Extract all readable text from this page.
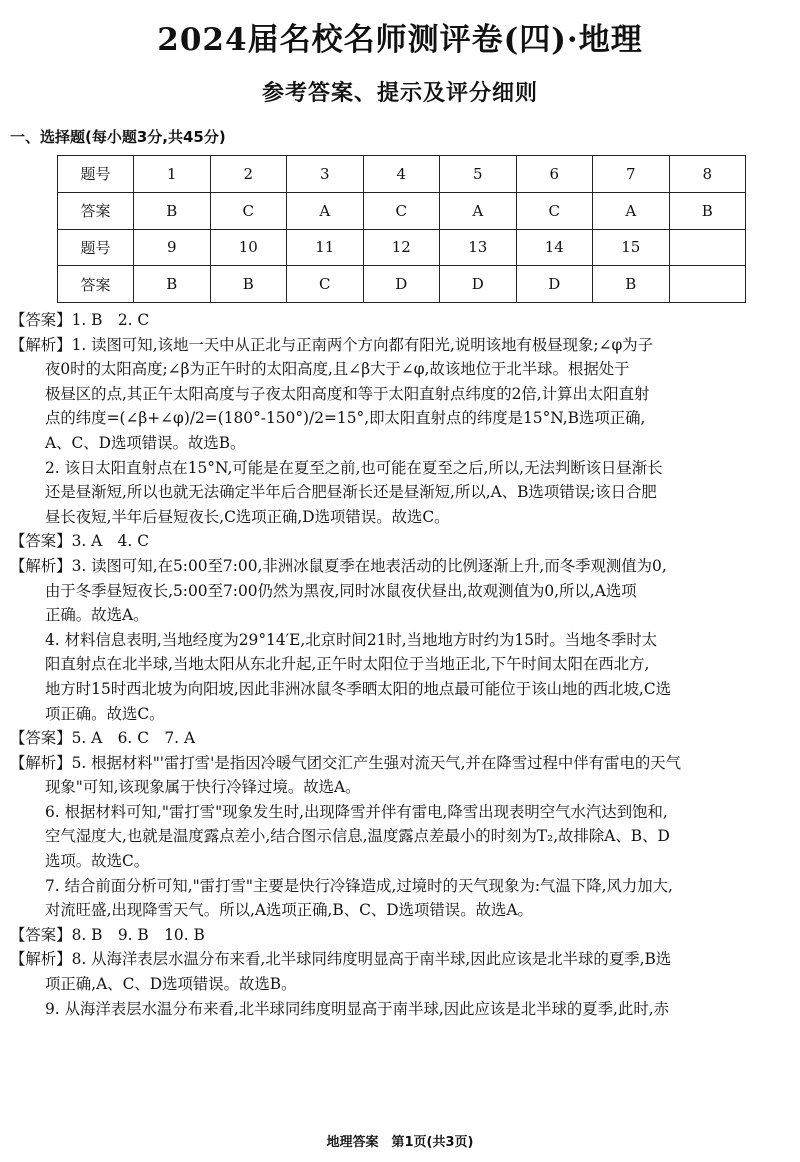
2024届名校名师测评卷(四)·地理
参考答案、提示及评分细则
一、选择题(每小题3分,共45分)
题号	1	2	3	4	5	6	7	8
答案	B	C	A	C	A	C	A	B
题号	9	10	11	12	13	14	15	
答案	B	B	C	D	D	D	B	
【答案】1. B　2. C
【解析】1. 读图可知,该地一天中从正北与正南两个方向都有阳光,说明该地有极昼现象;∠φ为子
夜0时的太阳高度;∠β为正午时的太阳高度,且∠β大于∠φ,故该地位于北半球。根据处于
极昼区的点,其正午太阳高度与子夜太阳高度和等于太阳直射点纬度的2倍,计算出太阳直射
点的纬度=(∠β+∠φ)/2=(180°-150°)/2=15°,即太阳直射点的纬度是15°N,B选项正确,
A、C、D选项错误。故选B。
2. 该日太阳直射点在15°N,可能是在夏至之前,也可能在夏至之后,所以,无法判断该日昼渐长
还是昼渐短,所以也就无法确定半年后合肥昼渐长还是昼渐短,所以,A、B选项错误;该日合肥
昼长夜短,半年后昼短夜长,C选项正确,D选项错误。故选C。
【答案】3. A　4. C
【解析】3. 读图可知,在5:00至7:00,非洲冰鼠夏季在地表活动的比例逐渐上升,而冬季观测值为0,
由于冬季昼短夜长,5:00至7:00仍然为黑夜,同时冰鼠夜伏昼出,故观测值为0,所以,A选项
正确。故选A。
4. 材料信息表明,当地经度为29°14′E,北京时间21时,当地地方时约为15时。当地冬季时太
阳直射点在北半球,当地太阳从东北升起,正午时太阳位于当地正北,下午时间太阳在西北方,
地方时15时西北坡为向阳坡,因此非洲冰鼠冬季晒太阳的地点最可能位于该山地的西北坡,C选
项正确。故选C。
【答案】5. A　6. C　7. A
【解析】5. 根据材料"'雷打雪'是指因冷暖气团交汇产生强对流天气,并在降雪过程中伴有雷电的天气
现象"可知,该现象属于快行冷锋过境。故选A。
6. 根据材料可知,"雷打雪"现象发生时,出现降雪并伴有雷电,降雪出现表明空气水汽达到饱和,
空气湿度大,也就是温度露点差小,结合图示信息,温度露点差最小的时刻为T₂,故排除A、B、D
选项。故选C。
7. 结合前面分析可知,"雷打雪"主要是快行冷锋造成,过境时的天气现象为:气温下降,风力加大,
对流旺盛,出现降雪天气。所以,A选项正确,B、C、D选项错误。故选A。
【答案】8. B　9. B　10. B
【解析】8. 从海洋表层水温分布来看,北半球同纬度明显高于南半球,因此应该是北半球的夏季,B选
项正确,A、C、D选项错误。故选B。
9. 从海洋表层水温分布来看,北半球同纬度明显高于南半球,因此应该是北半球的夏季,此时,赤
地理答案　第1页(共3页)
